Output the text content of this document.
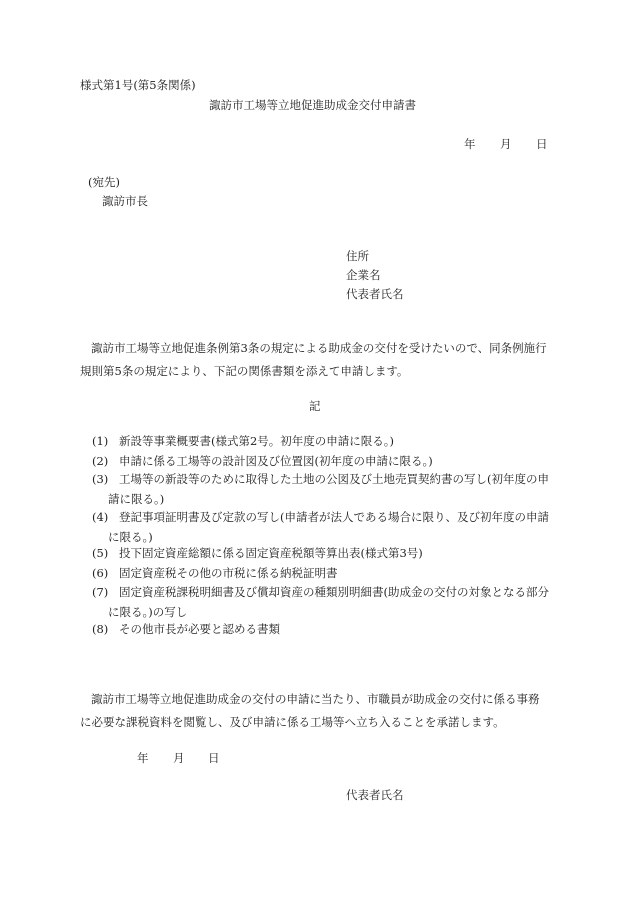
様式第1号(第5条関係)
諏訪市工場等立地促進助成金交付申請書
年 月 日
(宛先)
諏訪市長
住所
企業名
代表者氏名
諏訪市工場等立地促進条例第3条の規定による助成金の交付を受けたいので、同条例施行規則第5条の規定により、下記の関係書類を添えて申請します。
記
(1) 新設等事業概要書(様式第2号。初年度の申請に限る。)
(2) 申請に係る工場等の設計図及び位置図(初年度の申請に限る。)
(3) 工場等の新設等のために取得した土地の公図及び土地売買契約書の写し(初年度の申請に限る。)
(4) 登記事項証明書及び定款の写し(申請者が法人である場合に限り、及び初年度の申請に限る。)
(5) 投下固定資産総額に係る固定資産税額等算出表(様式第3号)
(6) 固定資産税その他の市税に係る納税証明書
(7) 固定資産税課税明細書及び償却資産の種類別明細書(助成金の交付の対象となる部分に限る。)の写し
(8) その他市長が必要と認める書類
諏訪市工場等立地促進助成金の交付の申請に当たり、市職員が助成金の交付に係る事務に必要な課税資料を閲覧し、及び申請に係る工場等へ立ち入ることを承諾します。
年 月 日
代表者氏名
